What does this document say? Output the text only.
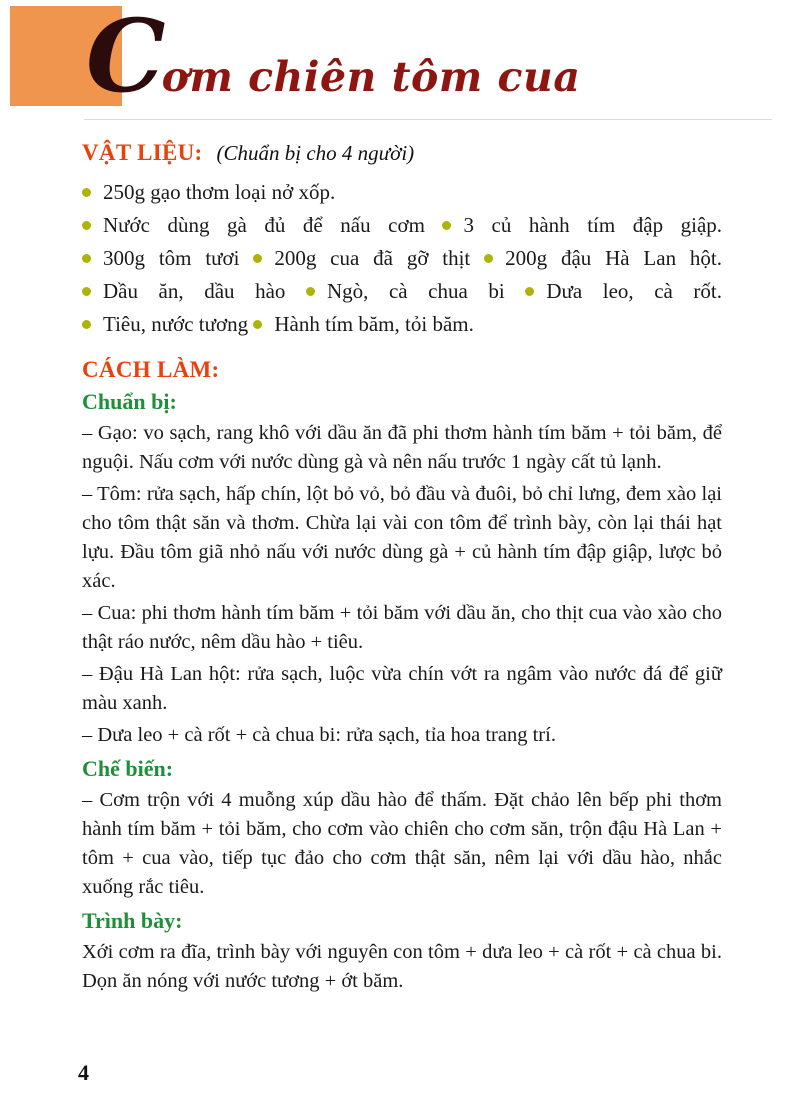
C
ơm chiên tôm cua

VẬT LIỆU: (Chuẩn bị cho 4 người)

250g gạo thơm loại nở xốp.
Nước dùng gà đủ để nấu cơm 3 củ hành tím đập giập.
300g tôm tươi 200g cua đã gỡ thịt 200g đậu Hà Lan hột.
Dầu ăn, dầu hào Ngò, cà chua bi Dưa leo, cà rốt.
Tiêu, nước tương Hành tím băm, tỏi băm.

CÁCH LÀM:

Chuẩn bị:

– Gạo: vo sạch, rang khô với dầu ăn đã phi thơm hành tím băm + tỏi băm, để nguội. Nấu cơm với nước dùng gà và nên nấu trước 1 ngày cất tủ lạnh.

– Tôm: rửa sạch, hấp chín, lột bỏ vỏ, bỏ đầu và đuôi, bỏ chỉ lưng, đem xào lại cho tôm thật săn và thơm. Chừa lại vài con tôm để trình bày, còn lại thái hạt lựu. Đầu tôm giã nhỏ nấu với nước dùng gà + củ hành tím đập giập, lược bỏ xác.

– Cua: phi thơm hành tím băm + tỏi băm với dầu ăn, cho thịt cua vào xào cho thật ráo nước, nêm dầu hào + tiêu.

– Đậu Hà Lan hột: rửa sạch, luộc vừa chín vớt ra ngâm vào nước đá để giữ màu xanh.

– Dưa leo + cà rốt + cà chua bi: rửa sạch, tỉa hoa trang trí.

Chế biến:

– Cơm trộn với 4 muỗng xúp dầu hào để thấm. Đặt chảo lên bếp phi thơm hành tím băm + tỏi băm, cho cơm vào chiên cho cơm săn, trộn đậu Hà Lan + tôm + cua vào, tiếp tục đảo cho cơm thật săn, nêm lại với dầu hào, nhắc xuống rắc tiêu.

Trình bày:

Xới cơm ra đĩa, trình bày với nguyên con tôm + dưa leo + cà rốt + cà chua bi. Dọn ăn nóng với nước tương + ớt băm.

4
